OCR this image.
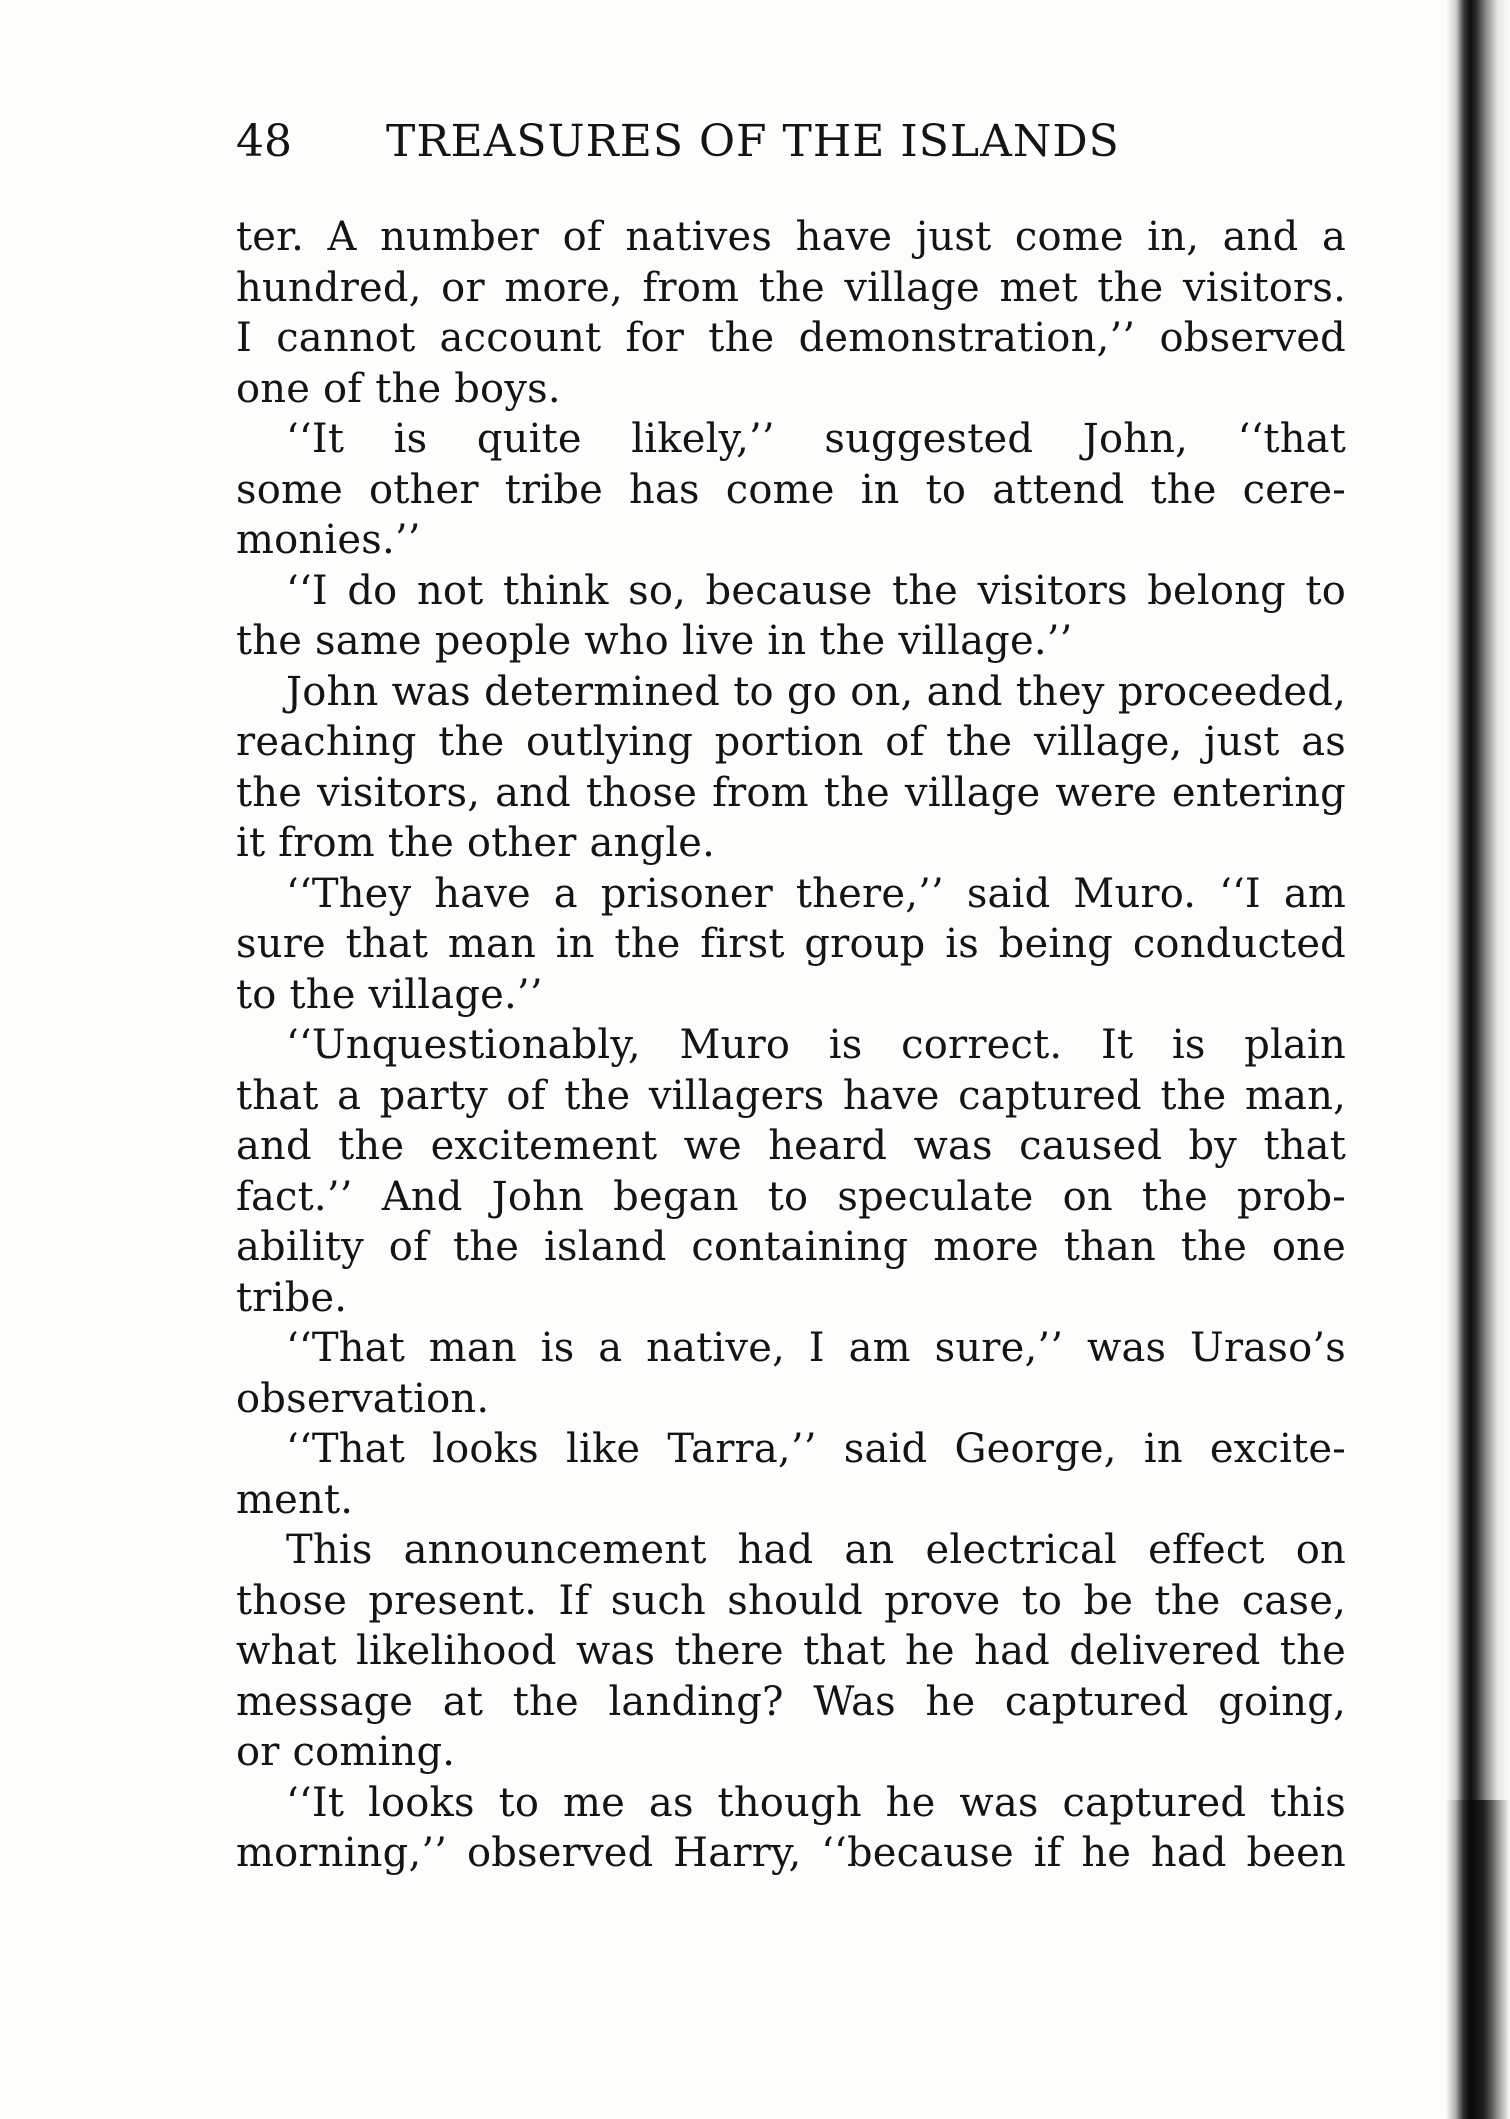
48 TREASURES OF THE ISLANDS
ter. A number of natives have just come in, and a
hundred, or more, from the village met the visitors.
I cannot account for the demonstration,’’ observed
one of the boys.
‘‘It is quite likely,’’ suggested John, ‘‘that
some other tribe has come in to attend the cere-
monies.’’
‘‘I do not think so, because the visitors belong to
the same people who live in the village.’’
John was determined to go on, and they proceeded,
reaching the outlying portion of the village, just as
the visitors, and those from the village were entering
it from the other angle.
‘‘They have a prisoner there,’’ said Muro. ‘‘I am
sure that man in the first group is being conducted
to the village.’’
‘‘Unquestionably, Muro is correct. It is plain
that a party of the villagers have captured the man,
and the excitement we heard was caused by that
fact.’’ And John began to speculate on the prob-
ability of the island containing more than the one
tribe.
‘‘That man is a native, I am sure,’’ was Uraso’s
observation.
‘‘That looks like Tarra,’’ said George, in excite-
ment.
This announcement had an electrical effect on
those present. If such should prove to be the case,
what likelihood was there that he had delivered the
message at the landing? Was he captured going,
or coming.
‘‘It looks to me as though he was captured this
morning,’’ observed Harry, ‘‘because if he had been
